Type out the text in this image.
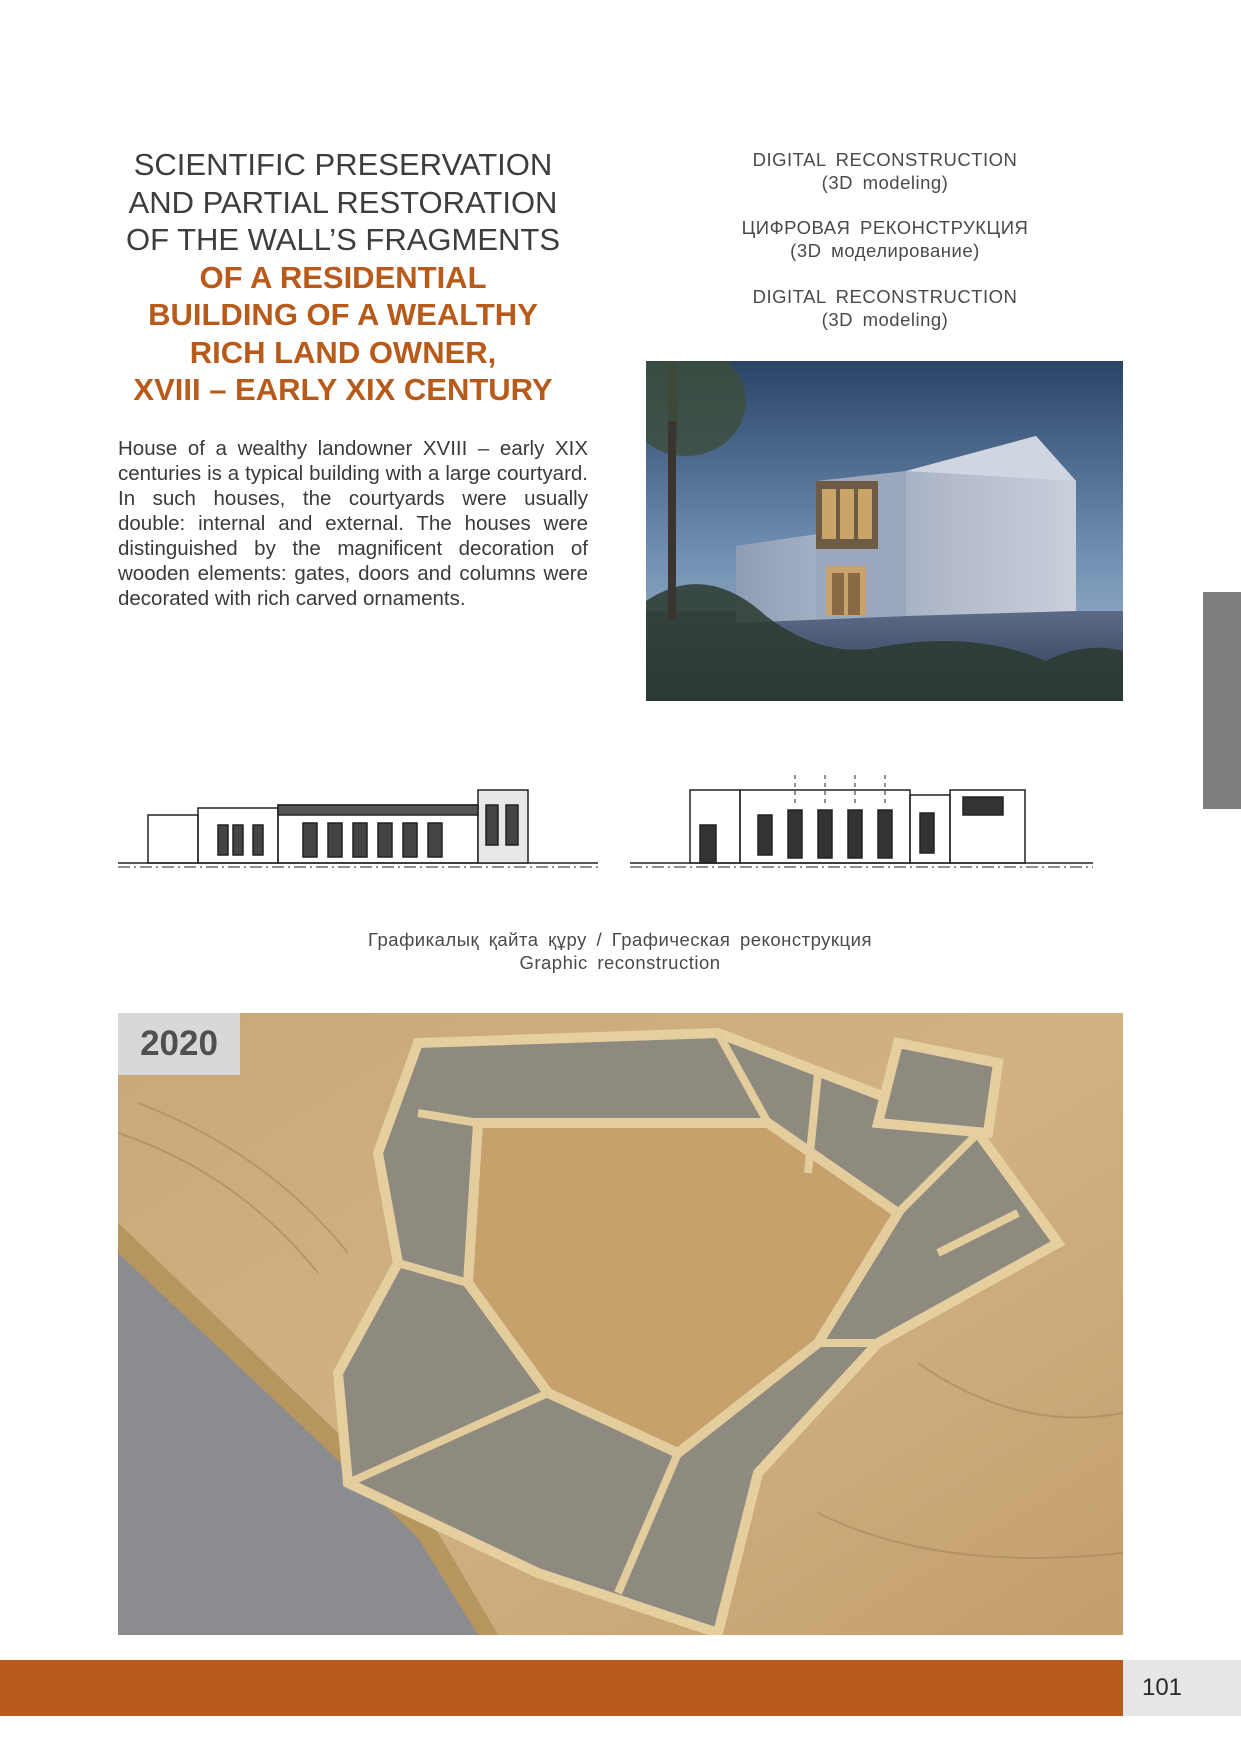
SCIENTIFIC PRESERVATION
AND PARTIAL RESTORATION
OF THE WALL’S FRAGMENTS
OF A RESIDENTIAL
BUILDING OF A WEALTHY
RICH LAND OWNER,
XVIII – EARLY XIX CENTURY
House of a wealthy landowner XVIII – early XIX centuries is a typical building with a large courtyard. In such houses, the courtyards were usually double: internal and external. The houses were distinguished by the magnificent decoration of wooden elements: gates, doors and columns were decorated with rich carved ornaments.
DIGITAL RECONSTRUCTION
(3D modeling)
ЦИФРОВАЯ РЕКОНСТРУКЦИЯ
(3D моделирование)
DIGITAL RECONSTRUCTION
(3D modeling)
Графикалық қайта құру / Графическая реконструкция
Graphic reconstruction
2020
101
